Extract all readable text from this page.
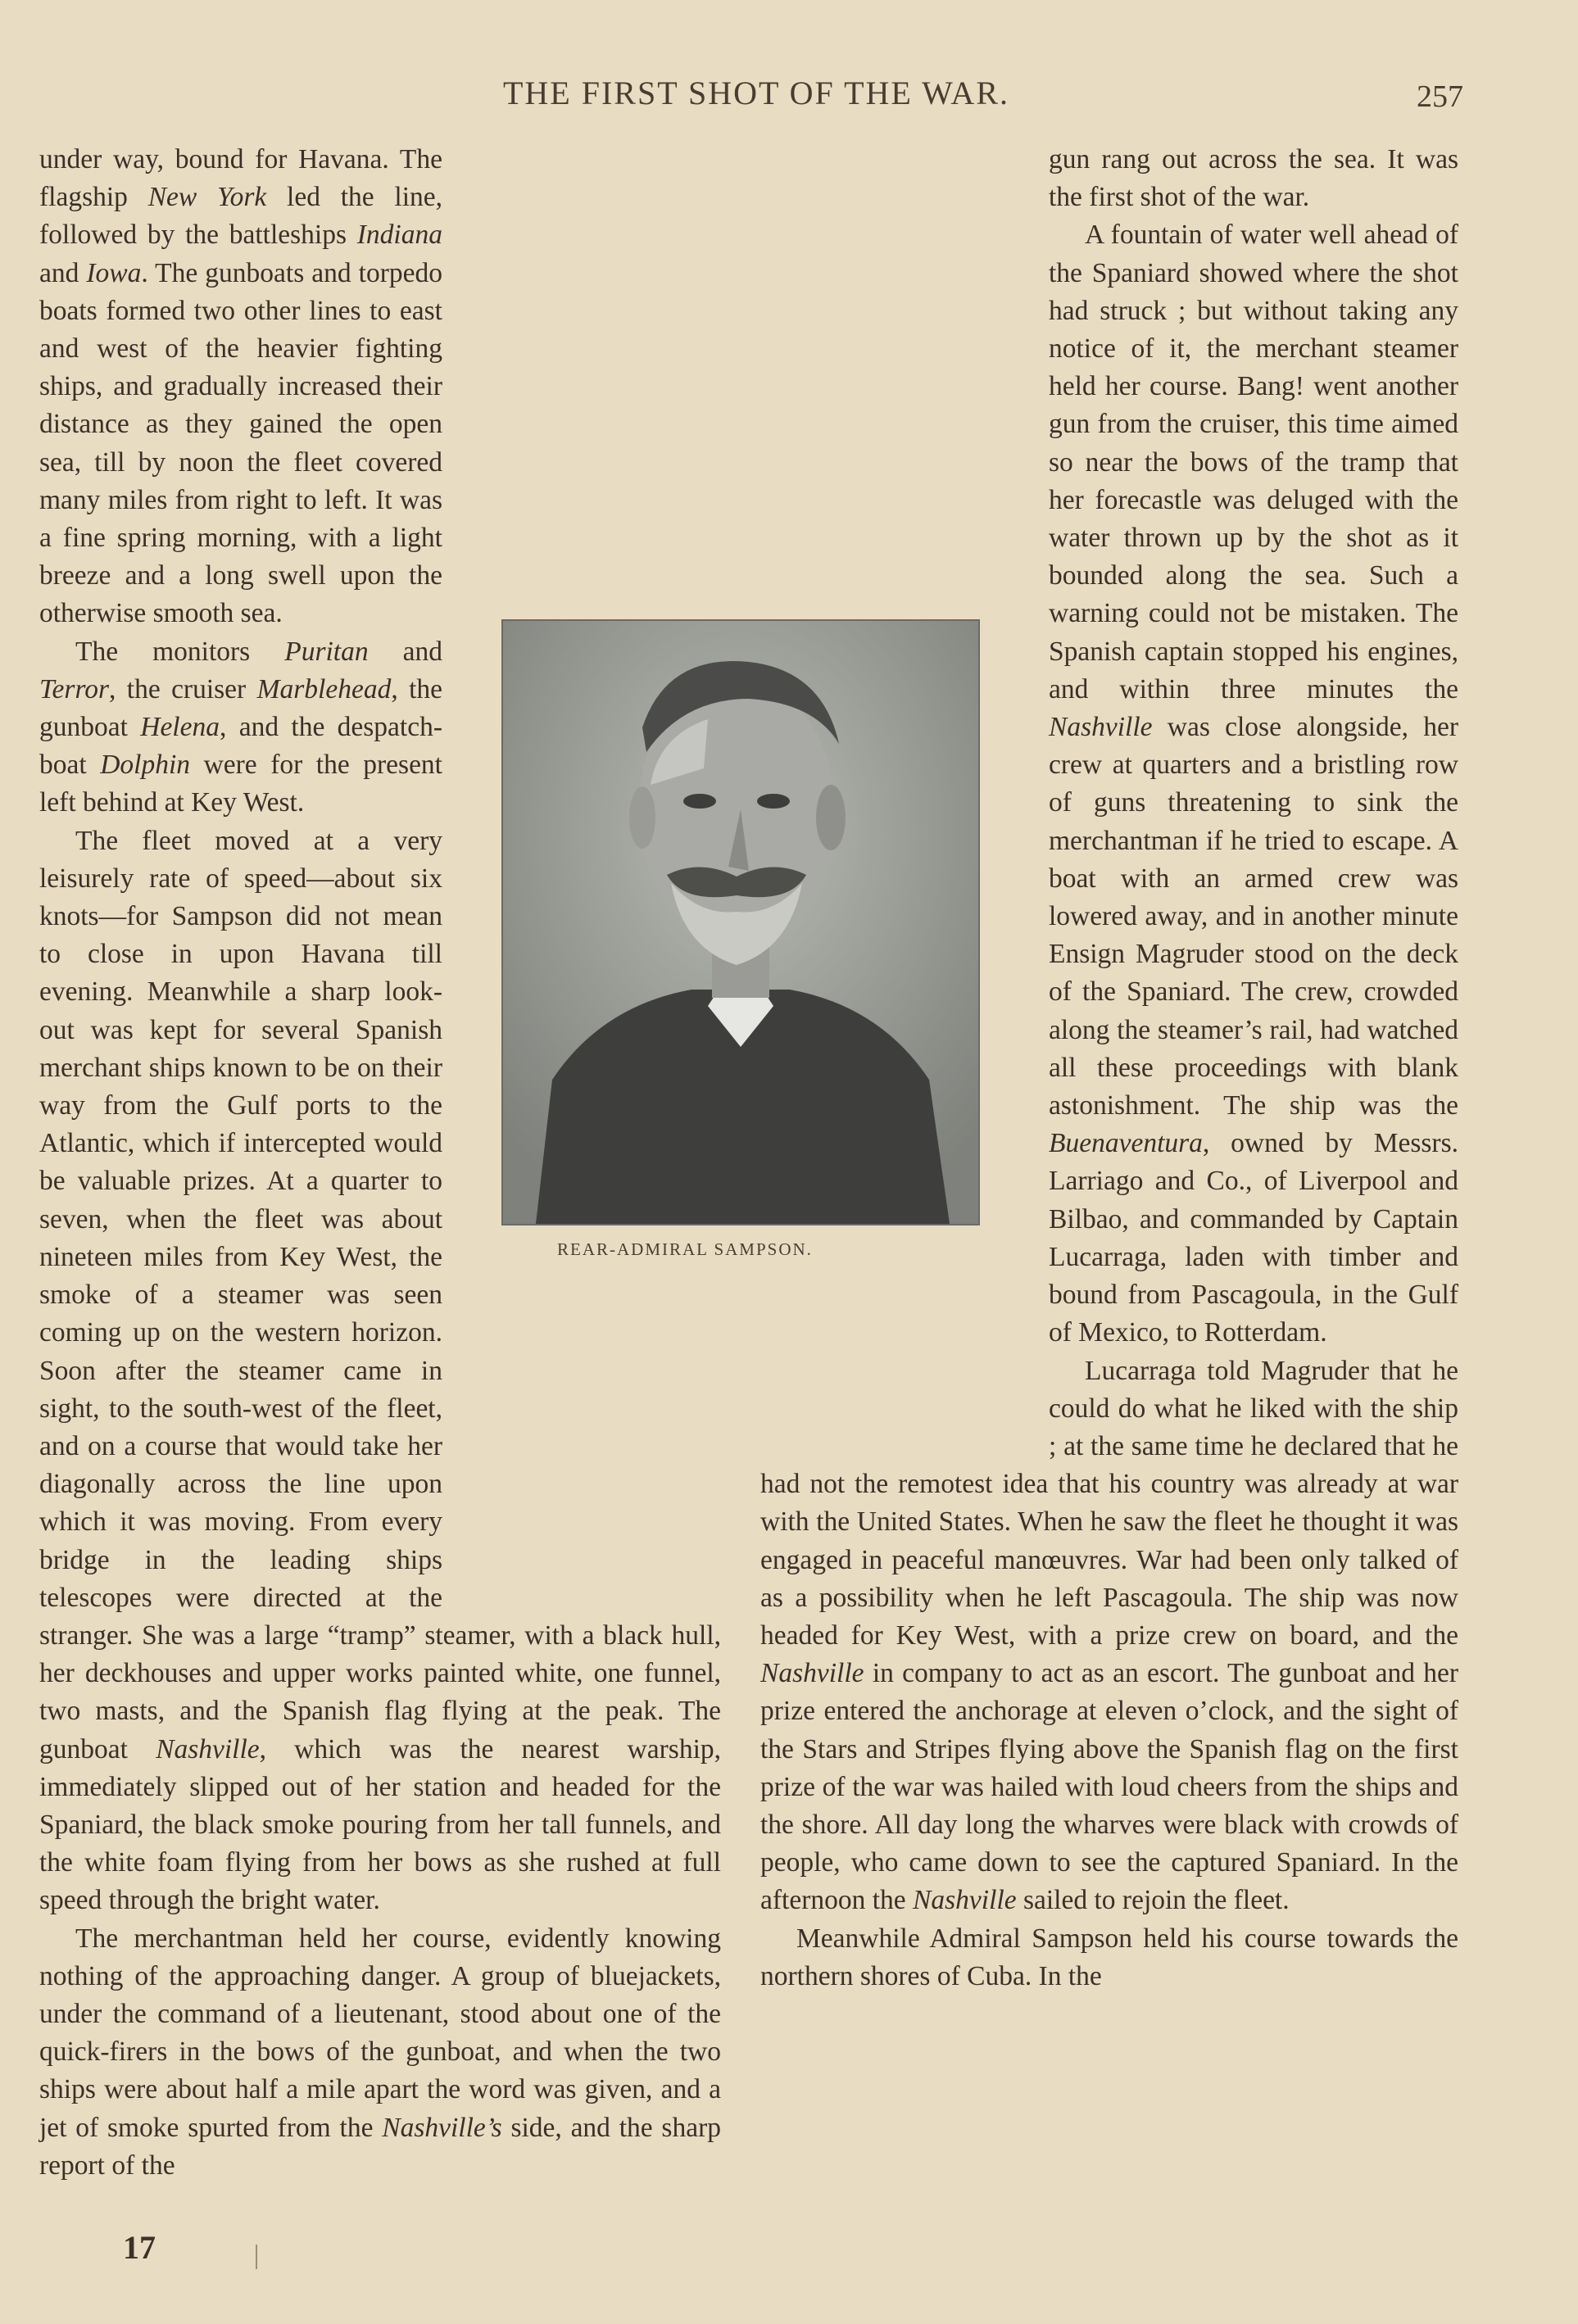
THE FIRST SHOT OF THE WAR.	257

under way, bound for Havana. The flagship New York led the line, followed by the battleships Indiana and Iowa. The gunboats and torpedo boats formed two other lines to east and west of the heavier fighting ships, and gradually increased their distance as they gained the open sea, till by noon the fleet covered many miles from right to left. It was a fine spring morning, with a light breeze and a long swell upon the otherwise smooth sea.

The monitors Puritan and Terror, the cruiser Marblehead, the gunboat Helena, and the despatch-boat Dolphin were for the present left behind at Key West.

The fleet moved at a very leisurely rate of speed—about six knots—for Sampson did not mean to close in upon Havana till evening. Meanwhile a sharp look-out was kept for several Spanish merchant ships known to be on their way from the Gulf ports to the Atlantic, which if intercepted would be valuable prizes. At a quarter to seven, when the fleet was about nineteen miles from Key West, the smoke of a steamer was seen coming up on the western horizon. Soon after the steamer came in sight, to the south-west of the fleet, and on a course that would take her diagonally across the line upon which it was moving. From every bridge in the leading ships telescopes were directed at the stranger. She was a large “tramp” steamer, with a black hull, her deckhouses and upper works painted white, one funnel, two masts, and the Spanish flag flying at the peak. The gunboat Nashville, which was the nearest warship, immediately slipped out of her station and headed for the Spaniard, the black smoke pouring from her tall funnels, and the white foam flying from her bows as she rushed at full speed through the bright water.

The merchantman held her course, evidently knowing nothing of the approaching danger. A group of bluejackets, under the command of a lieutenant, stood about one of the quick-firers in the bows of the gunboat, and when the two ships were about half a mile apart the word was given, and a jet of smoke spurted from the Nashville’s side, and the sharp report of the

gun rang out across the sea. It was the first shot of the war.

A fountain of water well ahead of the Spaniard showed where the shot had struck ; but without taking any notice of it, the merchant steamer held her course. Bang! went another gun from the cruiser, this time aimed so near the bows of the tramp that her forecastle was deluged with the water thrown up by the shot as it bounded along the sea. Such a warning could not be mistaken. The Spanish captain stopped his engines, and within three minutes the Nashville was close alongside, her crew at quarters and a bristling row of guns threatening to sink the merchantman if he tried to escape. A boat with an armed crew was lowered away, and in another minute Ensign Magruder stood on the deck of the Spaniard. The crew, crowded along the steamer’s rail, had watched all these proceedings with blank astonishment. The ship was the Buenaventura, owned by Messrs. Larriago and Co., of Liverpool and Bilbao, and commanded by Captain Lucarraga, laden with timber and bound from Pascagoula, in the Gulf of Mexico, to Rotterdam.

Lucarraga told Magruder that he could do what he liked with the ship ; at the same time he declared that he had not the remotest idea that his country was already at war with the United States. When he saw the fleet he thought it was engaged in peaceful manœuvres. War had been only talked of as a possibility when he left Pascagoula. The ship was now headed for Key West, with a prize crew on board, and the Nashville in company to act as an escort. The gunboat and her prize entered the anchorage at eleven o’clock, and the sight of the Stars and Stripes flying above the Spanish flag on the first prize of the war was hailed with loud cheers from the ships and the shore. All day long the wharves were black with crowds of people, who came down to see the captured Spaniard. In the afternoon the Nashville sailed to rejoin the fleet.

Meanwhile Admiral Sampson held his course towards the northern shores of Cuba. In the

REAR-ADMIRAL SAMPSON.
17
